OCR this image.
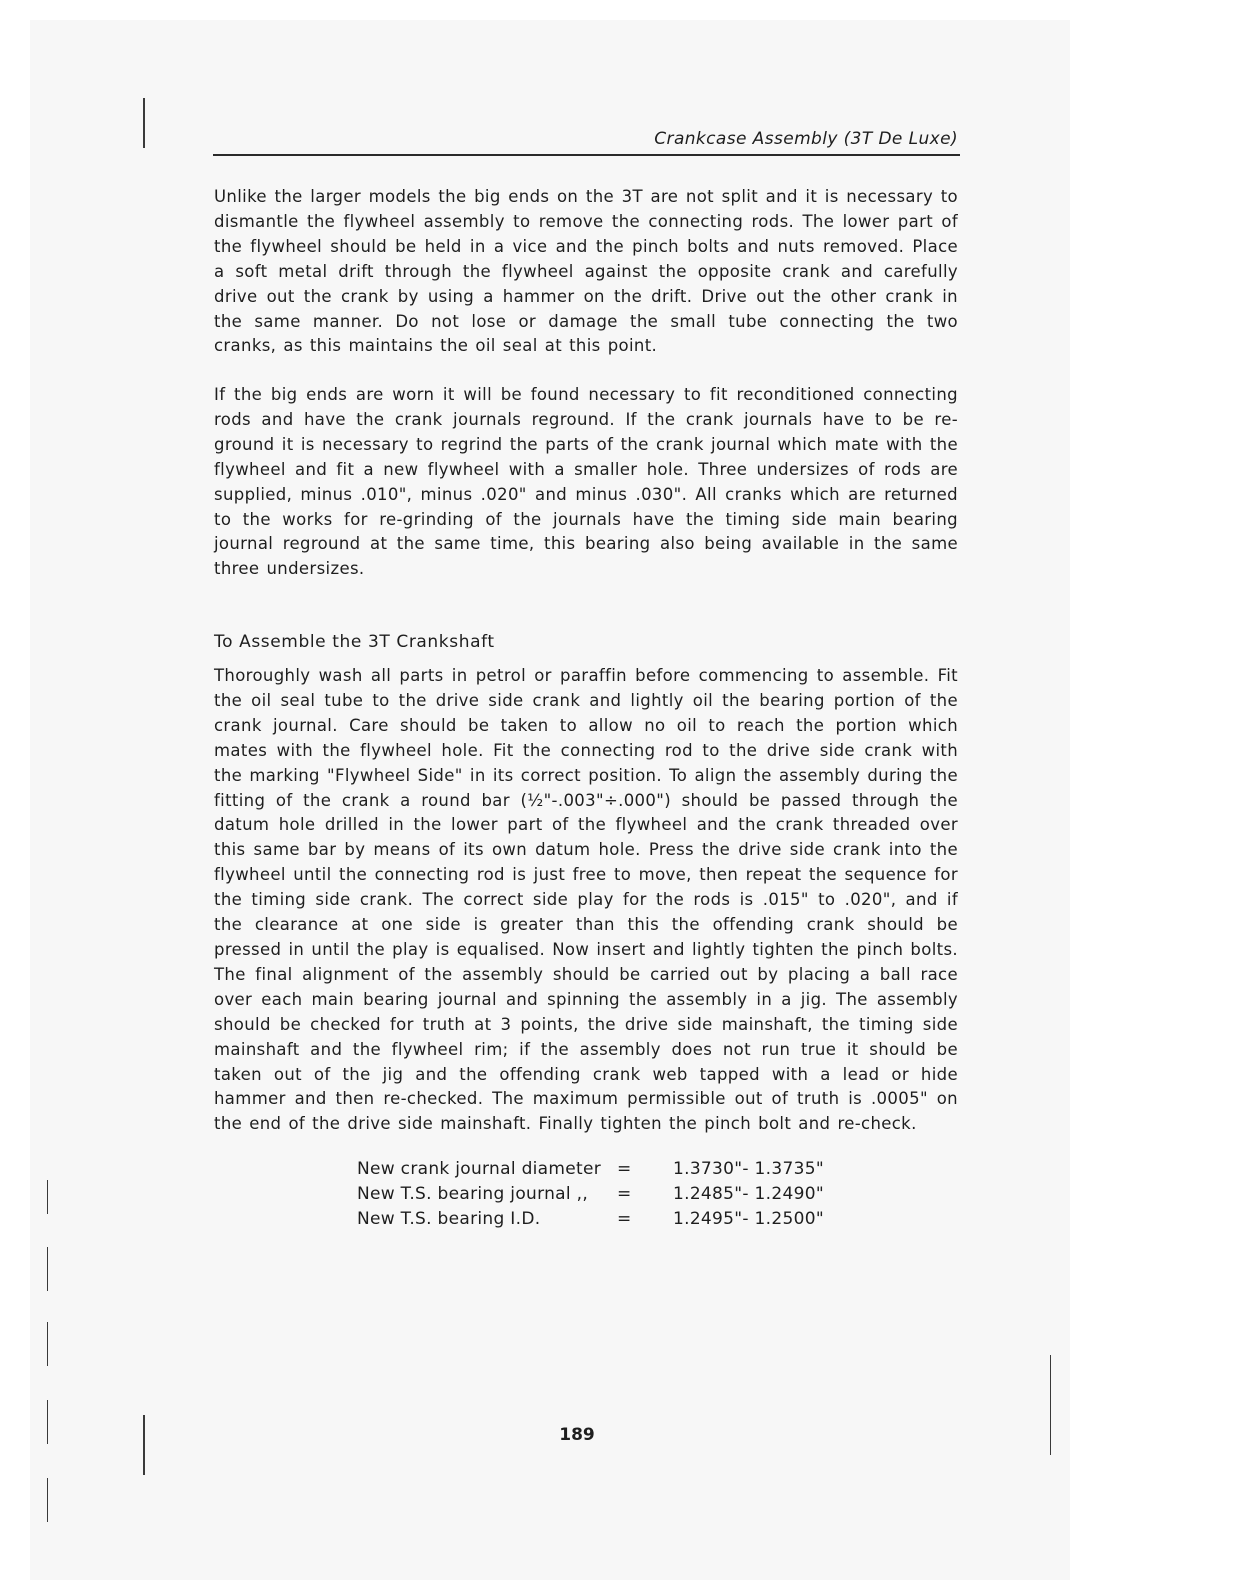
Crankcase Assembly (3T De Luxe)

Unlike the larger models the big ends on the 3T are not split and it is necessary to dismantle the flywheel assembly to remove the connecting rods. The lower part of the flywheel should be held in a vice and the pinch bolts and nuts removed. Place a soft metal drift through the flywheel against the opposite crank and carefully drive out the crank by using a hammer on the drift. Drive out the other crank in the same manner. Do not lose or damage the small tube connecting the two cranks, as this maintains the oil seal at this point.

If the big ends are worn it will be found necessary to fit reconditioned connecting rods and have the crank journals reground. If the crank journals have to be re-ground it is necessary to regrind the parts of the crank journal which mate with the flywheel and fit a new flywheel with a smaller hole. Three undersizes of rods are supplied, minus .010", minus .020" and minus .030". All cranks which are returned to the works for re-grinding of the journals have the timing side main bearing journal reground at the same time, this bearing also being available in the same three undersizes.

To Assemble the 3T Crankshaft

Thoroughly wash all parts in petrol or paraffin before commencing to assemble. Fit the oil seal tube to the drive side crank and lightly oil the bearing portion of the crank journal. Care should be taken to allow no oil to reach the portion which mates with the flywheel hole. Fit the connecting rod to the drive side crank with the marking "Flywheel Side" in its correct position. To align the assembly during the fitting of the crank a round bar (½"-.003"÷.000") should be passed through the datum hole drilled in the lower part of the flywheel and the crank threaded over this same bar by means of its own datum hole. Press the drive side crank into the flywheel until the connecting rod is just free to move, then repeat the sequence for the timing side crank. The correct side play for the rods is .015" to .020", and if the clearance at one side is greater than this the offending crank should be pressed in until the play is equalised. Now insert and lightly tighten the pinch bolts. The final alignment of the assembly should be carried out by placing a ball race over each main bearing journal and spinning the assembly in a jig. The assembly should be checked for truth at 3 points, the drive side mainshaft, the timing side mainshaft and the flywheel rim; if the assembly does not run true it should be taken out of the jig and the offending crank web tapped with a lead or hide hammer and then re-checked. The maximum permissible out of truth is .0005" on the end of the drive side mainshaft. Finally tighten the pinch bolt and re-check.

New crank journal diameter = 1.3730"- 1.3735"
New T.S. bearing journal ,, = 1.2485"- 1.2490"
New T.S. bearing I.D.	= 1.2495"- 1.2500"
189
